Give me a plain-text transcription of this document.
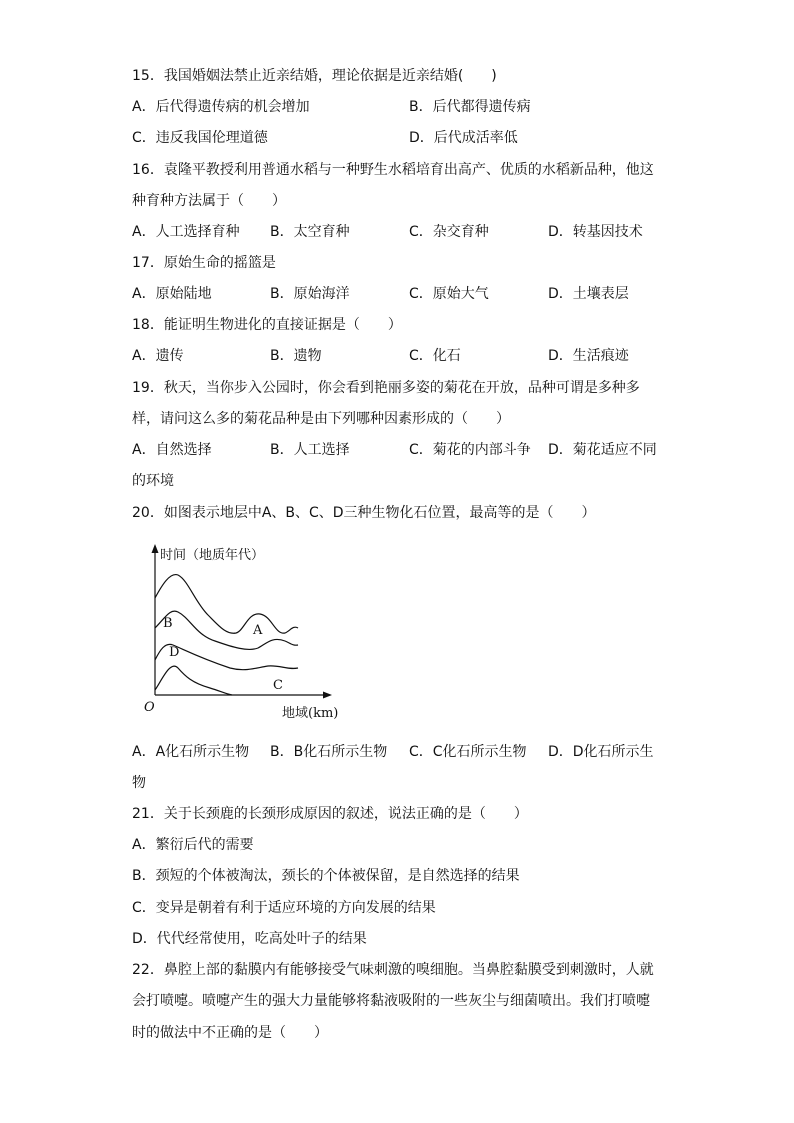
15．我国婚姻法禁止近亲结婚，理论依据是近亲结婚(　　)
A．后代得遗传病的机会增加	B．后代都得遗传病
C．违反我国伦理道德	D．后代成活率低
16．袁隆平教授利用普通水稻与一种野生水稻培育出高产、优质的水稻新品种，他这
种育种方法属于（　　）
A．人工选择育种 B．太空育种	C．杂交育种	D．转基因技术
17．原始生命的摇篮是
A．原始陆地	B．原始海洋	C．原始大气	D．土壤表层
18．能证明生物进化的直接证据是（　　）
A．遗传	B．遗物	C．化石	D．生活痕迹
19．秋天，当你步入公园时，你会看到艳丽多姿的菊花在开放，品种可谓是多种多
样，请问这么多的菊花品种是由下列哪种因素形成的（　　）
A．自然选择	B．人工选择	C．菊花的内部斗争 D．菊花适应不同
的环境
20．如图表示地层中A、B、C、D三种生物化石位置，最高等的是（　　）
时间（地质年代）
地域(km)
O
A
B
C
D
A．A化石所示生物 B．B化石所示生物 C．C化石所示生物 D．D化石所示生
物
21．关于长颈鹿的长颈形成原因的叙述，说法正确的是（　　）
A．繁衍后代的需要
B．颈短的个体被淘汰，颈长的个体被保留，是自然选择的结果
C．变异是朝着有利于适应环境的方向发展的结果
D．代代经常使用，吃高处叶子的结果
22．鼻腔上部的黏膜内有能够接受气味刺激的嗅细胞。当鼻腔黏膜受到刺激时，人就
会打喷嚏。喷嚏产生的强大力量能够将黏液吸附的一些灰尘与细菌喷出。我们打喷嚏
时的做法中不正确的是（　　）
